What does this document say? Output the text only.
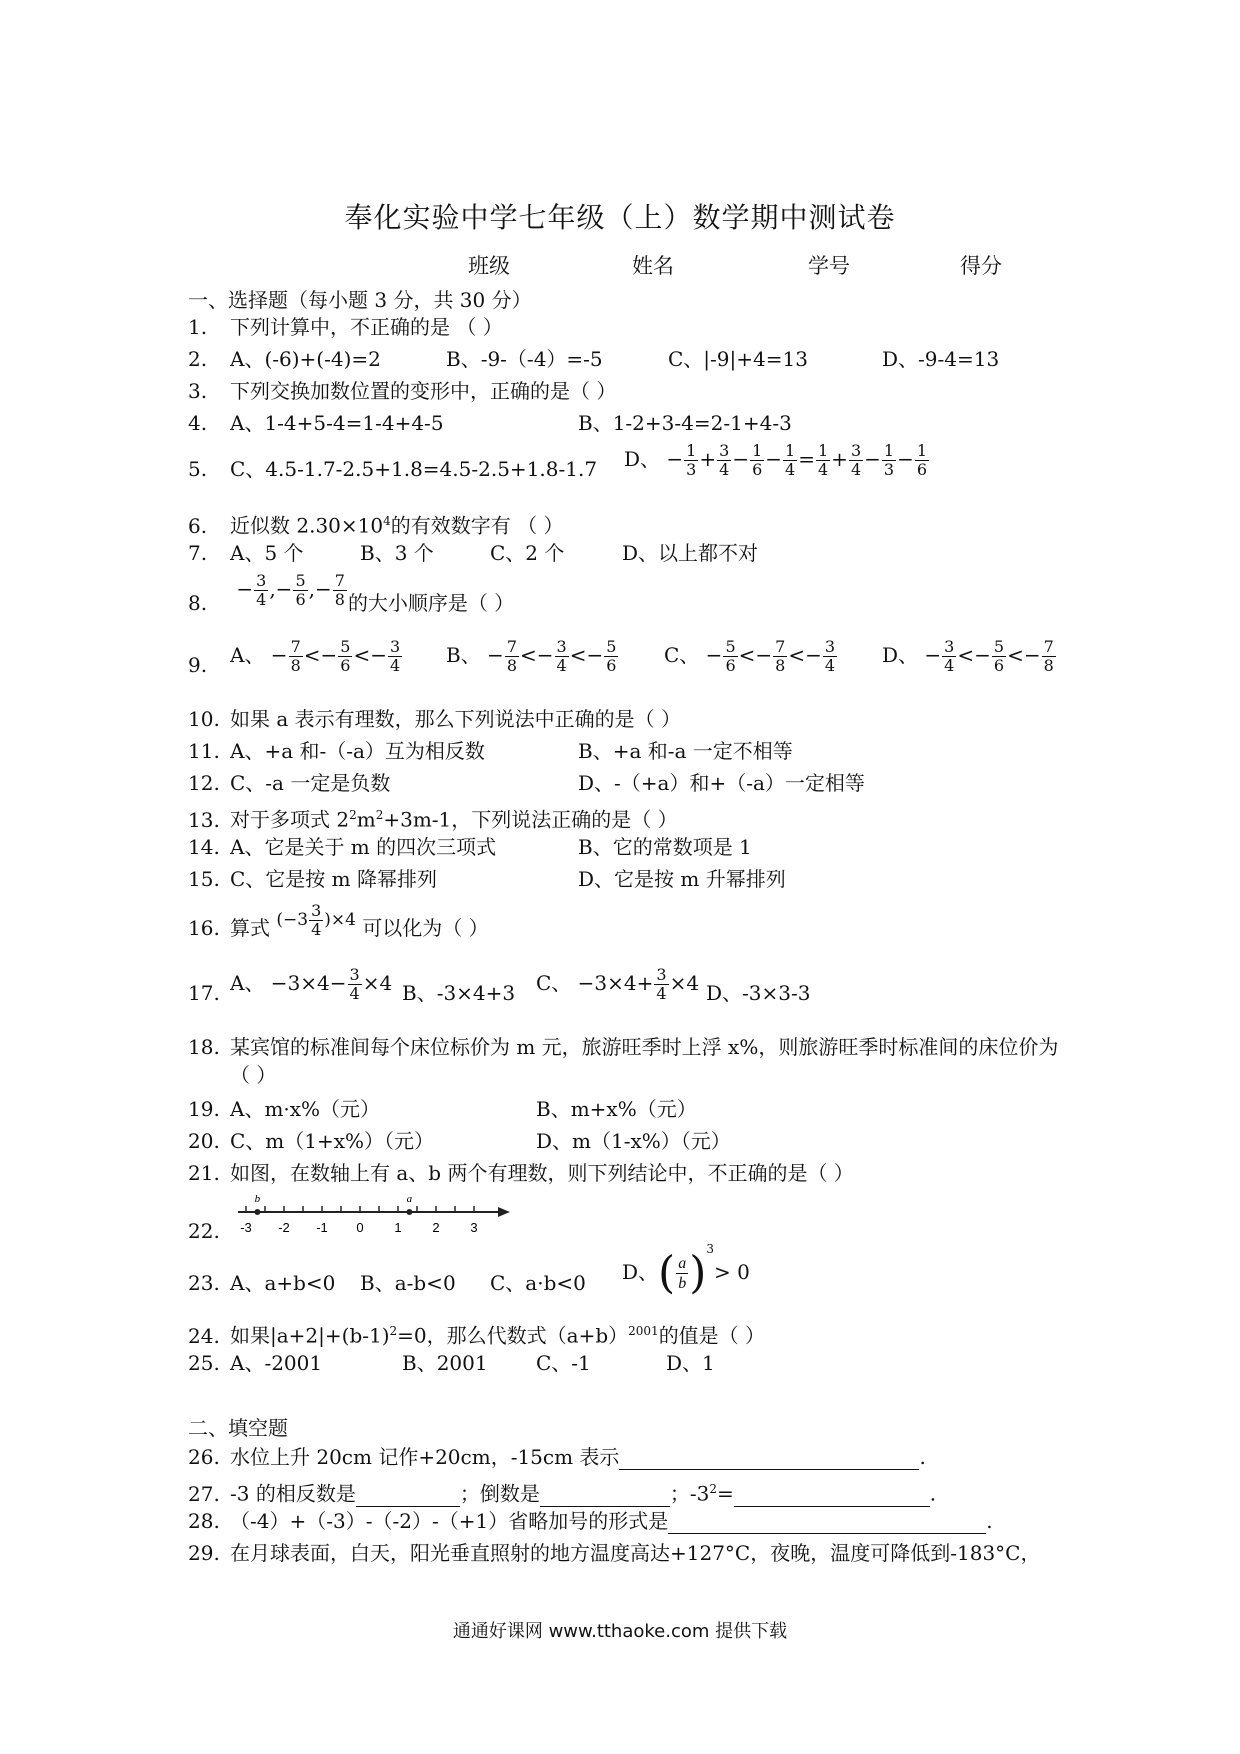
奉化实验中学七年级（上）数学期中测试卷
班级	姓名	学号	得分
一、选择题（每小题 3 分，共 30 分）
1. 下列计算中，不正确的是 （ ）
2. A、(-6)+(-4)=2	B、-9-（-4）=-5	C、|-9|+4=13	D、-9-4=13
3. 下列交换加数位置的变形中，正确的是（ ）
4. A、1-4+5-4=1-4+4-5	B、1-2+3-4=2-1+4-3
5. C、4.5-1.7-2.5+1.8=4.5-2.5+1.8-1.7 D、 − $\frac{1}{3} + \frac{3}{4} - \frac{1}{6} - \frac{1}{4} = \frac{1}{4} + \frac{3}{4} - \frac{1}{3} - \frac{1}{6}$
6. 近似数 $2.30\times 10^4$的有效数字有 （ ）
7. A、5 个	B、3 个	C、2 个	D、以上都不对
8. − $\frac{3}{4}$ ,− $\frac{5}{6}$ ,− $\frac{7}{8}$ 的大小顺序是（ ）
9. A、 − $\frac{7}{8} <- \frac{5}{6} <- \frac{3}{4}$ B、 − $\frac{7}{8} <- \frac{3}{4} <- \frac{5}{6}$ C、 − $\frac{5}{6} <- \frac{7}{8} <- \frac{3}{4}$ D、 − $\frac{3}{4} <- \frac{5}{6} <- \frac{7}{8}$
10. 如果 a 表示有理数，那么下列说法中正确的是（ ）
11. A、+a 和-（-a）互为相反数	B、+a 和-a 一定不相等
12. C、-a 一定是负数	D、-（+a）和+（-a）一定相等
13. 对于多项式 $2^2m^2+3m-1$，下列说法正确的是（ ）
14. A、它是关于 m 的四次三项式	B、它的常数项是 1
15. C、它是按 m 降幂排列	D、它是按 m 升幂排列
16. 算式 $^{(-3 \frac{3}{4} )\times 4}$ 可以化为（ ）
17. A、 $-3\times 4- \frac{3}{4} \times 4$ B、-3×4+3 C、 $-3\times 4+ \frac{3}{4} \times 4$ D、-3×3-3
18. 某宾馆的标准间每个床位标价为 m 元，旅游旺季时上浮 x%，则旅游旺季时标准间的床位价为
（ ）
19. A、m·x%（元）	B、m+x%（元）
20. C、m（1+x%）（元）	D、m（1-x%）（元）
21. 如图，在数轴上有 a、b 两个有理数，则下列结论中，不正确的是（ ）
22.	-3 -2 -1 0 1 2 3
b	a
23. A、a+b<0 B、a-b<0 C、a·b<0 D、( $\frac{a}{b} )^3> 0$
24. 如果$|a+2|+(b-1)^2=0$，那么代数式$(a+b)^{2001}$的值是（ ）
25. A、-2001	B、2001 C、-1	D、1
二、填空题
26. 水位上升 20cm 记作+20cm，-15cm 表示	.
27. -3 的相反数是	；倒数是	；$-3^2=$	.
28. （-4）+（-3）-（-2）-（+1）省略加号的形式是	.
29. 在月球表面，白天，阳光垂直照射的地方温度高达+127°C，夜晚，温度可降低到-183°C，
通通好课网 www.tthaoke.com 提供下载
